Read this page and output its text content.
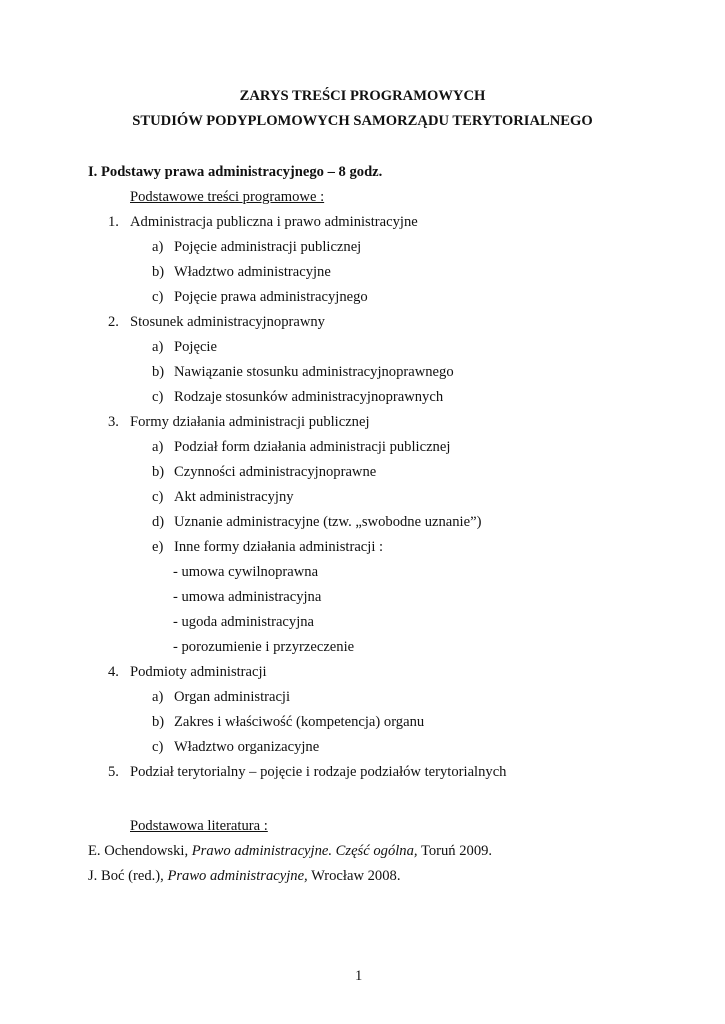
ZARYS TREŚCI PROGRAMOWYCH
STUDIÓW PODYPLOMOWYCH SAMORZĄDU TERYTORIALNEGO
I. Podstawy prawa administracyjnego – 8 godz.
Podstawowe treści programowe :
1. Administracja publiczna i prawo administracyjne
a) Pojęcie administracji publicznej
b) Władztwo administracyjne
c) Pojęcie prawa administracyjnego
2. Stosunek administracyjnoprawny
a) Pojęcie
b) Nawiązanie stosunku administracyjnoprawnego
c) Rodzaje stosunków administracyjnoprawnych
3. Formy działania administracji publicznej
a) Podział form działania administracji publicznej
b) Czynności administracyjnoprawne
c) Akt administracyjny
d) Uznanie administracyjne (tzw. „swobodne uznanie”)
e) Inne formy działania administracji :
- umowa cywilnoprawna
- umowa administracyjna
- ugoda administracyjna
- porozumienie i przyrzeczenie
4. Podmioty administracji
a) Organ administracji
b) Zakres i właściwość (kompetencja) organu
c) Władztwo organizacyjne
5. Podział terytorialny – pojęcie i rodzaje podziałów terytorialnych
Podstawowa literatura :
E. Ochendowski, Prawo administracyjne. Część ogólna, Toruń 2009.
J. Boć (red.), Prawo administracyjne, Wrocław 2008.
1
